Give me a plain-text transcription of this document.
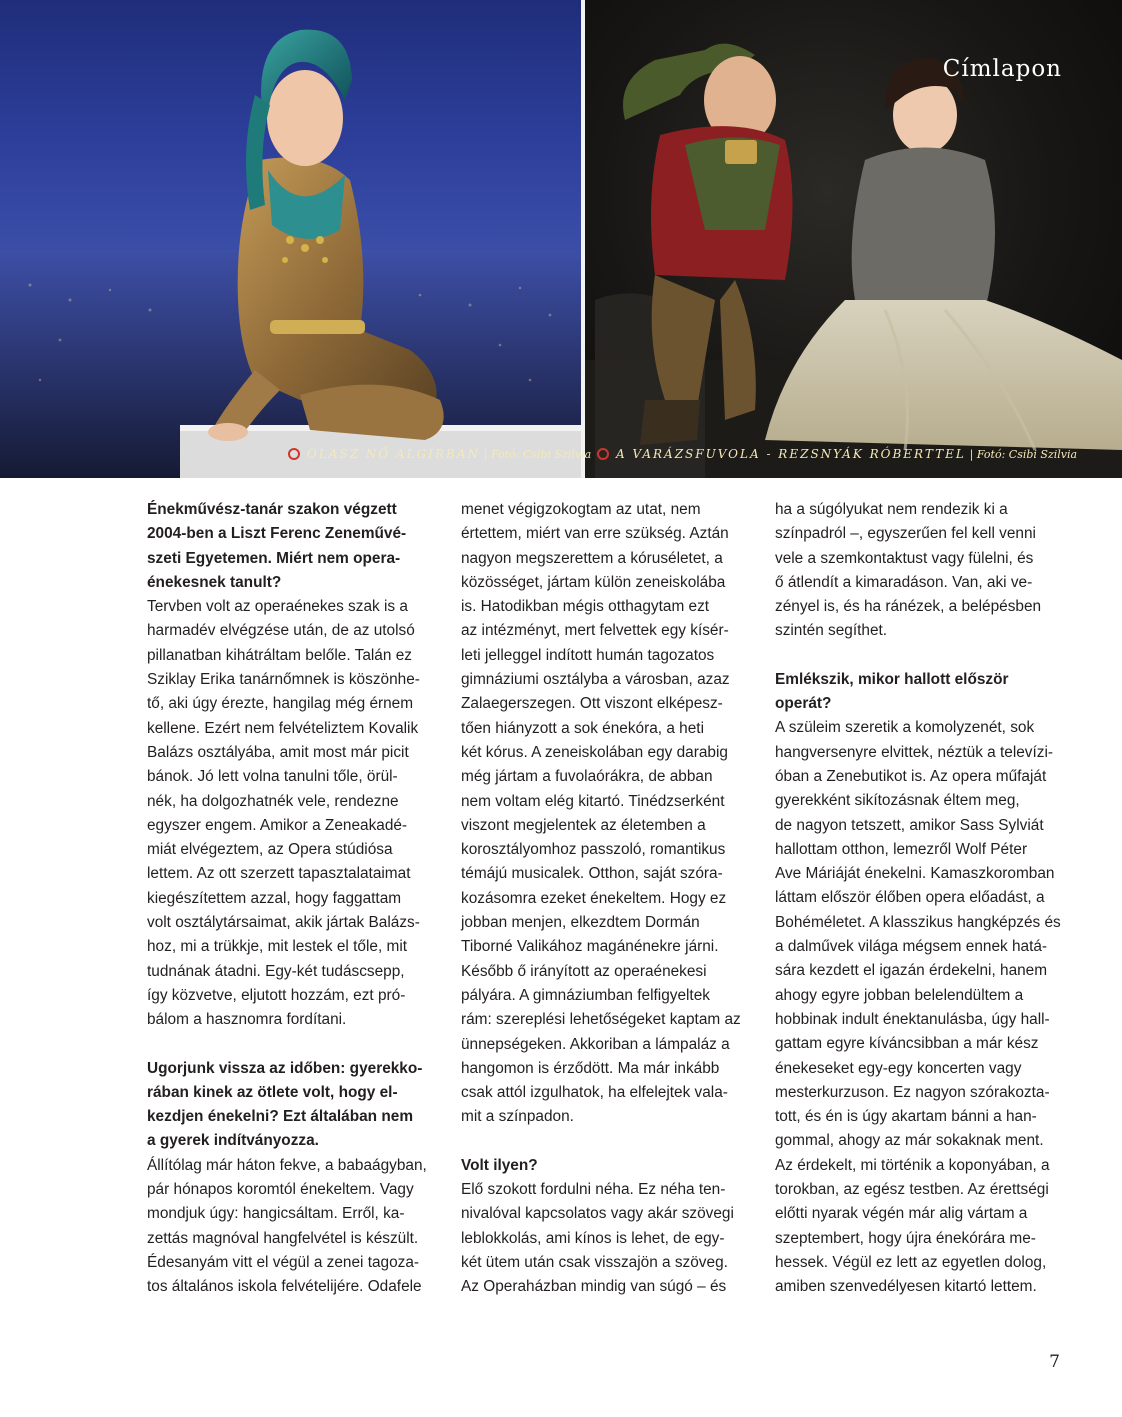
Címlapon
OLASZ NŐ ALGÍRBAN | Fotó: Csibi Szilvia	A VARÁZSFUVOLA - REZSNYÁK RÓBERTTEL | Fotó: Csibi Szilvia

Énekművész-tanár szakon végzett
2004-ben a Liszt Ferenc Zeneművé-
szeti Egyetemen. Miért nem opera-
énekesnek tanult?

Tervben volt az operaénekes szak is a
harmadév elvégzése után, de az utolsó
pillanatban kihátráltam belőle. Talán ez
Sziklay Erika tanárnőmnek is köszönhe-
tő, aki úgy érezte, hangilag még érnem
kellene. Ezért nem felvételiztem Kovalik
Balázs osztályába, amit most már picit
bánok. Jó lett volna tanulni tőle, örül-
nék, ha dolgozhatnék vele, rendezne
egyszer engem. Amikor a Zeneakadé-
miát elvégeztem, az Opera stúdiósa
lettem. Az ott szerzett tapasztalataimat
kiegészítettem azzal, hogy faggattam
volt osztálytársaimat, akik jártak Balázs-
hoz, mi a trükkje, mit lestek el tőle, mit
tudnának átadni. Egy-két tudáscsepp,
így közvetve, eljutott hozzám, ezt pró-
bálom a hasznomra fordítani.

Ugorjunk vissza az időben: gyerekko-
rában kinek az ötlete volt, hogy el-
kezdjen énekelni? Ezt általában nem
a gyerek indítványozza.

Állítólag már háton fekve, a babaágyban,
pár hónapos koromtól énekeltem. Vagy
mondjuk úgy: hangicsáltam. Erről, ka-
zettás magnóval hangfelvétel is készült.
Édesanyám vitt el végül a zenei tagoza-
tos általános iskola felvételijére. Odafele

menet végigzokogtam az utat, nem
értettem, miért van erre szükség. Aztán
nagyon megszerettem a kóruséletet, a
közösséget, jártam külön zeneiskolába
is. Hatodikban mégis otthagytam ezt
az intézményt, mert felvettek egy kísér-
leti jelleggel indított humán tagozatos
gimnáziumi osztályba a városban, azaz
Zalaegerszegen. Ott viszont elképesz-
tően hiányzott a sok énekóra, a heti
két kórus. A zeneiskolában egy darabig
még jártam a fuvolaórákra, de abban
nem voltam elég kitartó. Tinédzserként
viszont megjelentek az életemben a
korosztályomhoz passzoló, romantikus
témájú musicalek. Otthon, saját szóra-
kozásomra ezeket énekeltem. Hogy ez
jobban menjen, elkezdtem Dormán
Tiborné Valikához magánénekre járni.
Később ő irányított az operaénekesi
pályára. A gimnáziumban felfigyeltek
rám: szereplési lehetőségeket kaptam az
ünnepségeken. Akkoriban a lámpaláz a
hangomon is érződött. Ma már inkább
csak attól izgulhatok, ha elfelejtek vala-
mit a színpadon.

Volt ilyen?

Elő szokott fordulni néha. Ez néha ten-
nivalóval kapcsolatos vagy akár szövegi
leblokkolás, ami kínos is lehet, de egy-
két ütem után csak visszajön a szöveg.
Az Operaházban mindig van súgó – és

ha a súgólyukat nem rendezik ki a
színpadról –, egyszerűen fel kell venni
vele a szemkontaktust vagy fülelni, és
ő átlendít a kimaradáson. Van, aki ve-
zényel is, és ha ránézek, a belépésben
szintén segíthet.

Emlékszik, mikor hallott először
operát?

A szüleim szeretik a komolyzenét, sok
hangversenyre elvittek, néztük a televízi-
óban a Zenebutikot is. Az opera műfaját
gyerekként sikítozásnak éltem meg,
de nagyon tetszett, amikor Sass Sylviát
hallottam otthon, lemezről Wolf Péter
Ave Máriáját énekelni. Kamaszkoromban
láttam először élőben opera előadást, a
Bohéméletet. A klasszikus hangképzés és
a dalművek világa mégsem ennek hatá-
sára kezdett el igazán érdekelni, hanem
ahogy egyre jobban belelendültem a
hobbinak indult énektanulásba, úgy hall-
gattam egyre kíváncsibban a már kész
énekeseket egy-egy koncerten vagy
mesterkurzuson. Ez nagyon szórakozta-
tott, és én is úgy akartam bánni a han-
gommal, ahogy az már sokaknak ment.
Az érdekelt, mi történik a koponyában, a
torokban, az egész testben. Az érettségi
előtti nyarak végén már alig vártam a
szeptembert, hogy újra énekórára me-
hessek. Végül ez lett az egyetlen dolog,
amiben szenvedélyesen kitartó lettem.

7
